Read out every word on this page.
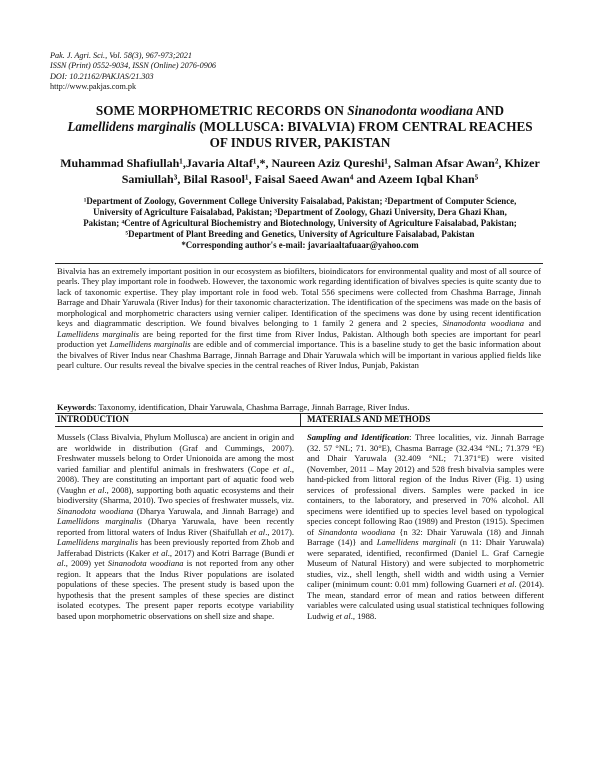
Pak. J. Agri. Sci., Vol. 58(3), 967-973;2021
ISSN (Print) 0552-9034, ISSN (Online) 2076-0906
DOI: 10.21162/PAKJAS/21.303
http://www.pakjas.com.pk
SOME MORPHOMETRIC RECORDS ON Sinanodonta woodiana AND
Lamellidens marginalis (MOLLUSCA: BIVALVIA) FROM CENTRAL REACHES OF INDUS RIVER, PAKISTAN
Muhammad Shafiullah¹,Javaria Altaf¹,*, Naureen Aziz Qureshi¹, Salman Afsar Awan², Khizer
Samiullah³, Bilal Rasool¹, Faisal Saeed Awan⁴ and Azeem Iqbal Khan⁵
¹Department of Zoology, Government College University Faisalabad, Pakistan; ²Department of Computer Science,
University of Agriculture Faisalabad, Pakistan; ³Department of Zoology, Ghazi University, Dera Ghazi Khan,
Pakistan; ⁴Centre of Agricultural Biochemistry and Biotechnology, University of Agriculture Faisalabad, Pakistan;
⁵Department of Plant Breeding and Genetics, University of Agriculture Faisalabad, Pakistan
*Corresponding author's e-mail: javariaaltafuaar@yahoo.com
Bivalvia has an extremely important position in our ecosystem as biofilters, bioindicators for environmental quality and most of all source of pearls. They play important role in foodweb. However, the taxonomic work regarding identification of bivalves species is quite scanty due to lack of taxonomic expertise. They play important role in food web. Total 556 specimens were collected from Chashma Barrage, Jinnah Barrage and Dhair Yaruwala (River Indus) for their taxonomic characterization. The identification of the specimens was made on the basis of morphological and morphometric characters using vernier caliper. Identification of the specimens was done by using recent identification keys and diagrammatic description. We found bivalves belonging to 1 family 2 genera and 2 species, Sinanodonta woodiana and Lamellidens marginalis are being reported for the first time from River Indus, Pakistan. Although both species are important for pearl production yet Lamellidens marginalis are edible and of commercial importance. This is a baseline study to get the basic information about the bivalves of River Indus near Chashma Barrage, Jinnah Barrage and Dhair Yaruwala which will be important in various applied fields like pearl culture. Our results reveal the bivalve species in the central reaches of River Indus, Punjab, Pakistan
Keywords: Taxonomy, identification, Dhair Yaruwala, Chashma Barrage, Jinnah Barrage, River Indus.
INTRODUCTION	MATERIALS AND METHODS
Mussels (Class Bivalvia, Phylum Mollusca) are ancient in origin and are worldwide in distribution (Graf and Cummings, 2007). Freshwater mussels belong to Order Unionoida are among the most varied familiar and plentiful animals in freshwaters (Cope et al., 2008). They are constituting an important part of aquatic food web (Vaughn et al., 2008), supporting both aquatic ecosystems and their biodiversity (Sharma, 2010). Two species of freshwater mussels, viz. Sinanodota woodiana (Dharya Yaruwala, and Jinnah Barrage) and Lamellidons marginalis (Dharya Yaruwala, have been recently reported from littoral waters of Indus River (Shaifullah et al., 2017). Lamellidens marginalis has been previously reported from Zhob and Jafferabad Districts (Kaker et al., 2017) and Kotri Barrage (Bundi et al., 2009) yet Sinanodota woodiana is not reported from any other region. It appears that the Indus River populations are isolated populations of these species. The present study is based upon the hypothesis that the present samples of these species are distinct isolated ecotypes. The present paper reports ecotype variability based upon morphometric observations on shell size and shape.
Sampling and Identification: Three localities, viz. Jinnah Barrage (32. 57 °NL; 71. 30°E), Chasma Barrage (32.434 °NL; 71.379 °E) and Dhair Yaruwala (32.409 °NL; 71.371°E) were visited (November, 2011 – May 2012) and 528 fresh bivalvia samples were hand-picked from littoral region of the Indus River (Fig. 1) using services of professional divers. Samples were packed in ice containers, to the laboratory, and preserved in 70% alcohol. All specimens were identified up to species level based on typological species concept following Rao (1989) and Preston (1915). Specimen of Sinandonta woodiana {n 32: Dhair Yaruwala (18) and Jinnah Barrage (14)} and Lamellidens marginali (n 11: Dhair Yaruwala) were separated, identified, reconfirmed (Daniel L. Graf Carnegie Museum of Natural History) and were subjected to morphometric studies, viz., shell length, shell width and width using a Vernier caliper (minimum count: 0.01 mm) following Guarneri et al. (2014). The mean, standard error of mean and ratios between different variables were calculated using usual statistical techniques following Ludwig et al., 1988.
